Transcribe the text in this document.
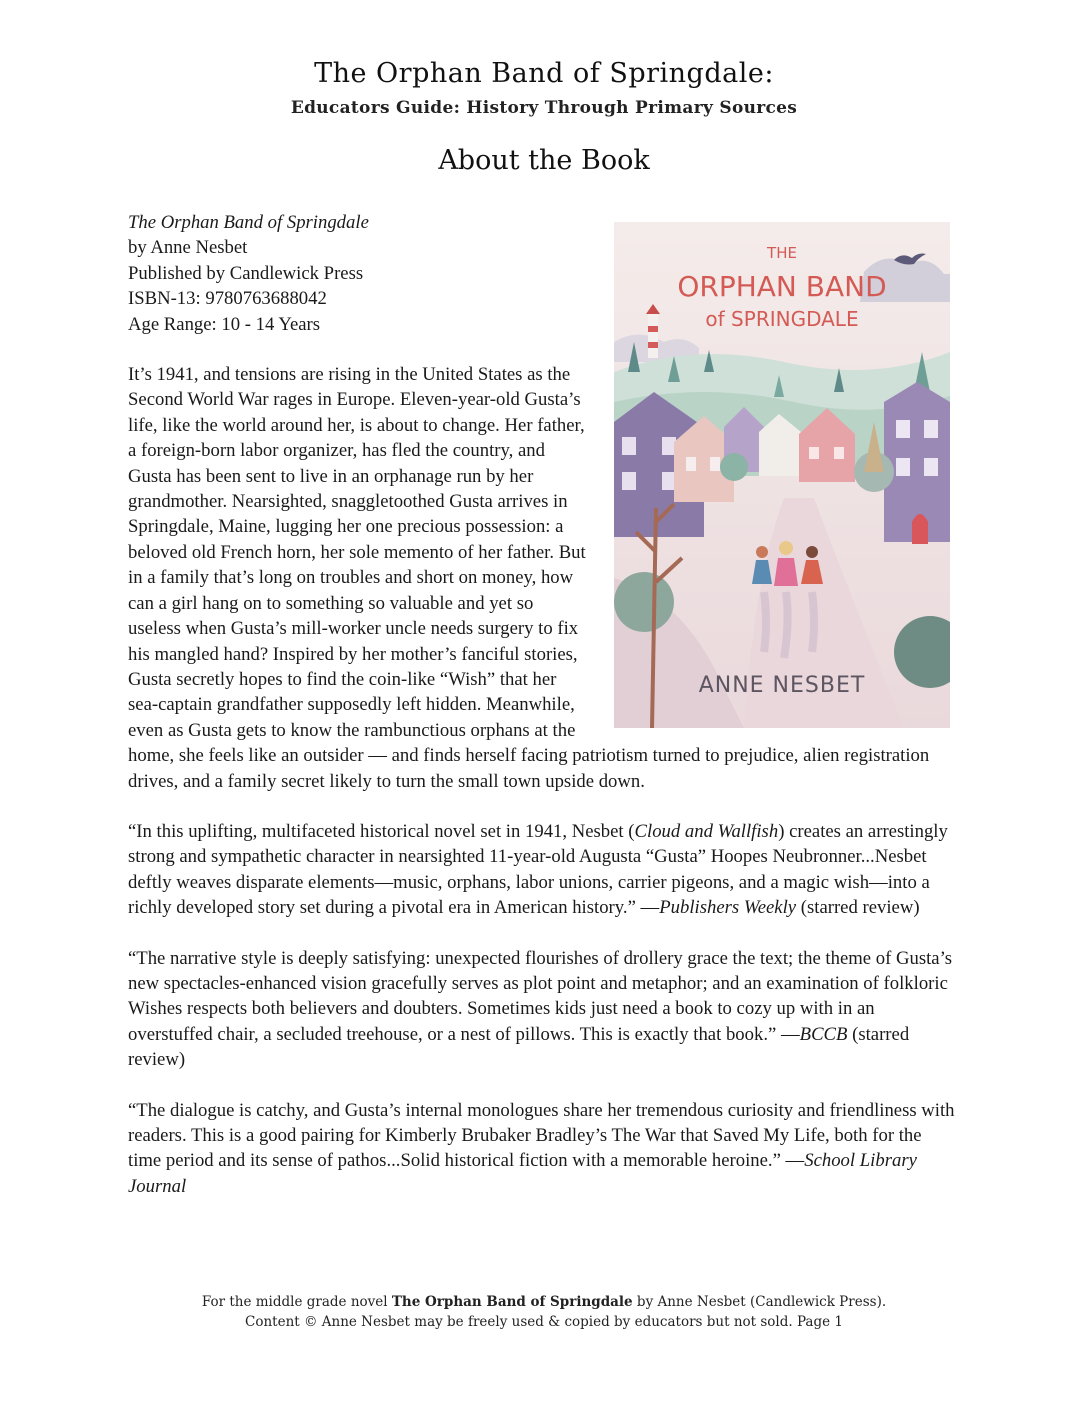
The Orphan Band of Springdale:
Educators Guide: History Through Primary Sources
About the Book
THE
ORPHAN BAND
of SPRINGDALE
ANNE NESBET
The Orphan Band of Springdale
by Anne Nesbet
Published by Candlewick Press
ISBN-13: 9780763688042
Age Range: 10 - 14 Years

It’s 1941, and tensions are rising in the United States as the Second World War rages in Europe. Eleven-year-old Gusta’s life, like the world around her, is about to change. Her father, a foreign-born labor organizer, has fled the country, and Gusta has been sent to live in an orphanage run by her grandmother. Nearsighted, snaggletoothed Gusta arrives in Springdale, Maine, lugging her one precious possession: a beloved old French horn, her sole memento of her father. But in a family that’s long on troubles and short on money, how can a girl hang on to something so valuable and yet so useless when Gusta’s mill-worker uncle needs surgery to fix his mangled hand? Inspired by her mother’s fanciful stories, Gusta secretly hopes to find the coin-like “Wish” that her sea-captain grandfather supposedly left hidden. Meanwhile, even as Gusta gets to know the rambunctious orphans at the home, she feels like an outsider — and finds herself facing patriotism turned to prejudice, alien registration drives, and a family secret likely to turn the small town upside down.

“In this uplifting, multifaceted historical novel set in 1941, Nesbet (Cloud and Wallfish) creates an arrestingly strong and sympathetic character in nearsighted 11-year-old Augusta “Gusta” Hoopes Neubronner...Nesbet deftly weaves disparate elements—music, orphans, labor unions, carrier pigeons, and a magic wish—into a richly developed story set during a pivotal era in American history.” —Publishers Weekly (starred review)

“The narrative style is deeply satisfying: unexpected flourishes of drollery grace the text; the theme of Gusta’s new spectacles-enhanced vision gracefully serves as plot point and metaphor; and an examination of folkloric Wishes respects both believers and doubters. Sometimes kids just need a book to cozy up with in an overstuffed chair, a secluded treehouse, or a nest of pillows. This is exactly that book.” —BCCB (starred review)

“The dialogue is catchy, and Gusta’s internal monologues share her tremendous curiosity and friendliness with readers. This is a good pairing for Kimberly Brubaker Bradley’s The War that Saved My Life, both for the time period and its sense of pathos...Solid historical fiction with a memorable heroine.” —School Library Journal

For the middle grade novel The Orphan Band of Springdale by Anne Nesbet (Candlewick Press).
Content © Anne Nesbet may be freely used & copied by educators but not sold. Page 1
